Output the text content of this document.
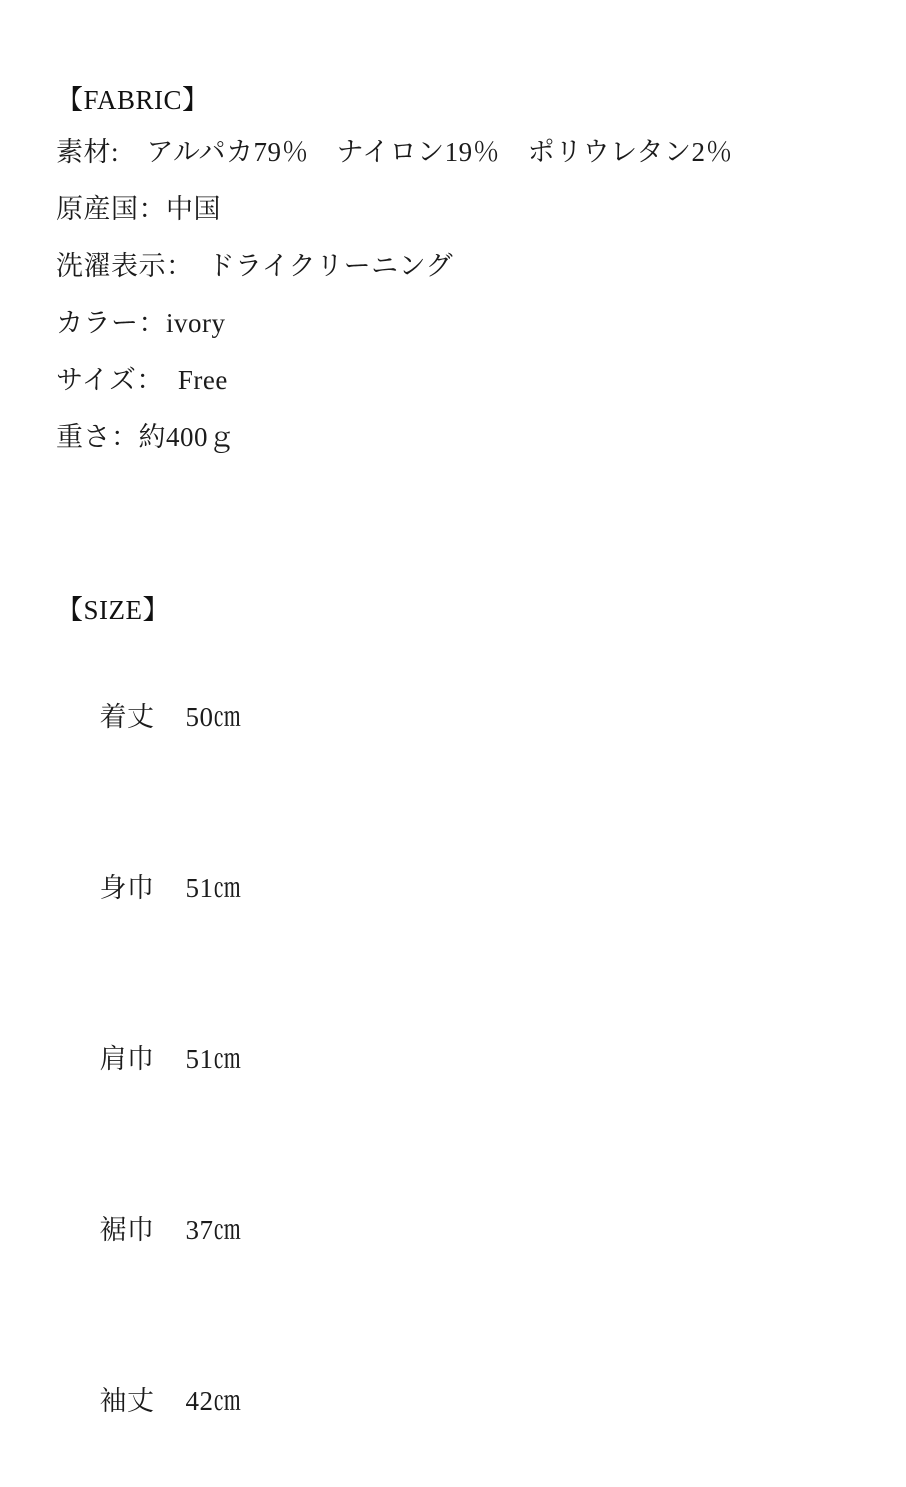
【FABRIC】

素材:　アルパカ79％　ナイロン19％　ポリウレタン2％

原産国：中国

洗濯表示：　ドライクリーニング

カラー：ivory

サイズ：　Free

重さ：約400ｇ

【SIZE】

着丈 50㎝

身巾 51㎝

肩巾 51㎝

裾巾 37㎝

袖丈 42㎝
